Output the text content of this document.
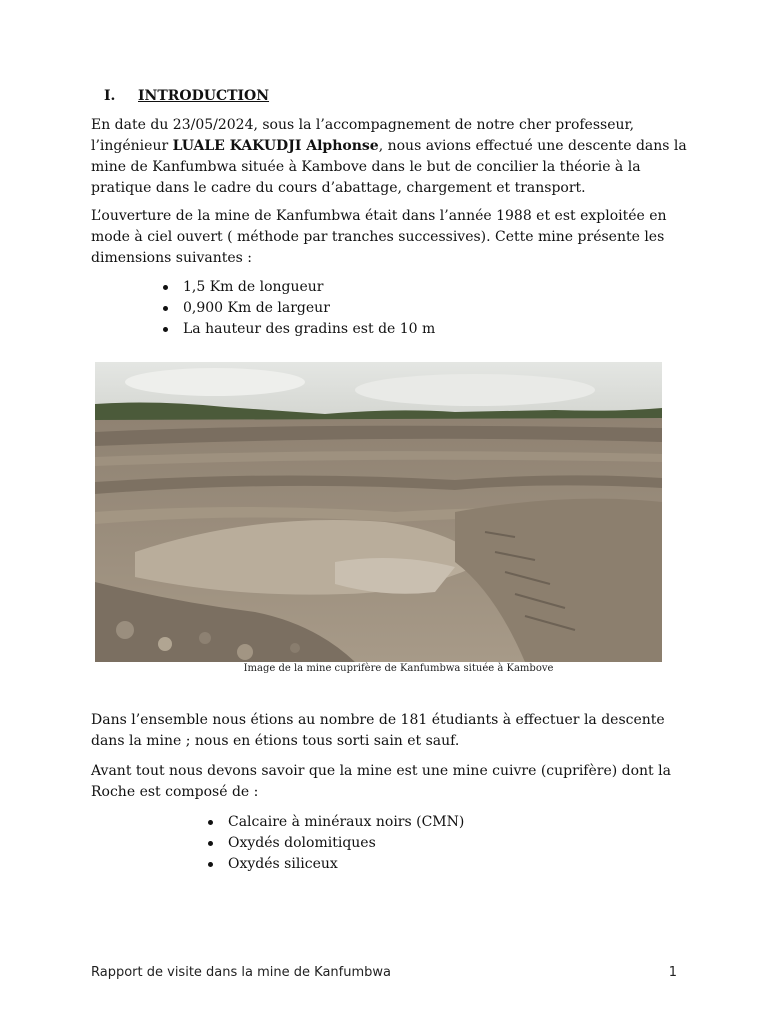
I. INTRODUCTION

En date du 23/05/2024, sous la l’accompagnement de notre cher professeur, l’ingénieur LUALE KAKUDJI Alphonse, nous avions effectué une descente dans la mine de Kanfumbwa située à Kambove dans le but de concilier la théorie à la pratique dans le cadre du cours d’abattage, chargement et transport.

L’ouverture de la mine de Kanfumbwa était dans l’année 1988 et est exploitée en mode à ciel ouvert ( méthode par tranches successives). Cette mine présente les dimensions suivantes :

1,5 Km de longueur
0,900 Km de largeur
La hauteur des gradins est de 10 m
Image de la mine cuprifère de Kanfumbwa située à Kambove

Dans l’ensemble nous étions au nombre de 181 étudiants à effectuer la descente dans la mine ; nous en étions tous sorti sain et sauf.

Avant tout nous devons savoir que la mine est une mine cuivre (cuprifère) dont la Roche est composé de :

Calcaire à minéraux noirs (CMN)
Oxydés dolomitiques
Oxydés siliceux
Rapport de visite dans la mine de Kanfumbwa	1
